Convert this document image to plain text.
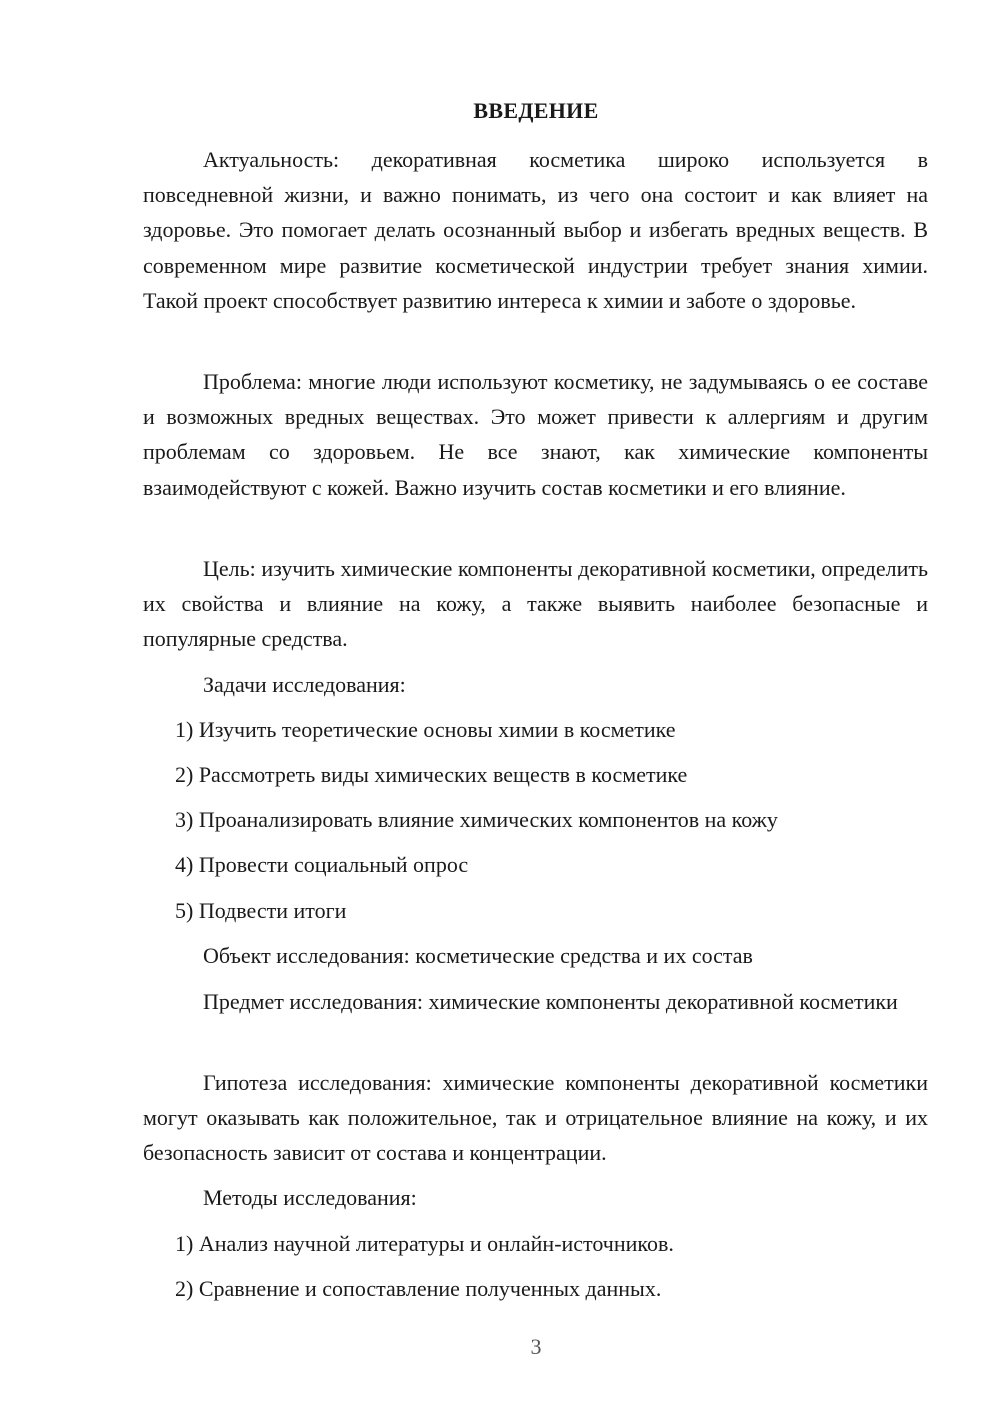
ВВЕДЕНИЕ

Актуальность: декоративная косметика широко используется в повседневной жизни, и важно понимать, из чего она состоит и как влияет на здоровье. Это помогает делать осознанный выбор и избегать вредных веществ. В современном мире развитие косметической индустрии требует знания химии. Такой проект способствует развитию интереса к химии и заботе о здоровье.

Проблема: многие люди используют косметику, не задумываясь о ее составе и возможных вредных веществах. Это может привести к аллергиям и другим проблемам со здоровьем. Не все знают, как химические компоненты взаимодействуют с кожей. Важно изучить состав косметики и его влияние.

Цель: изучить химические компоненты декоративной косметики, определить их свойства и влияние на кожу, а также выявить наиболее безопасные и популярные средства.

Задачи исследования:
1) Изучить теоретические основы химии в косметике
2) Рассмотреть виды химических веществ в косметике
3) Проанализировать влияние химических компонентов на кожу
4) Провести социальный опрос
5) Подвести итоги
Объект исследования: косметические средства и их состав

Предмет исследования: химические компоненты декоративной косметики

Гипотеза исследования: химические компоненты декоративной косметики могут оказывать как положительное, так и отрицательное влияние на кожу, и их безопасность зависит от состава и концентрации.

Методы исследования:
1) Анализ научной литературы и онлайн-источников.
2) Сравнение и сопоставление полученных данных.
3
